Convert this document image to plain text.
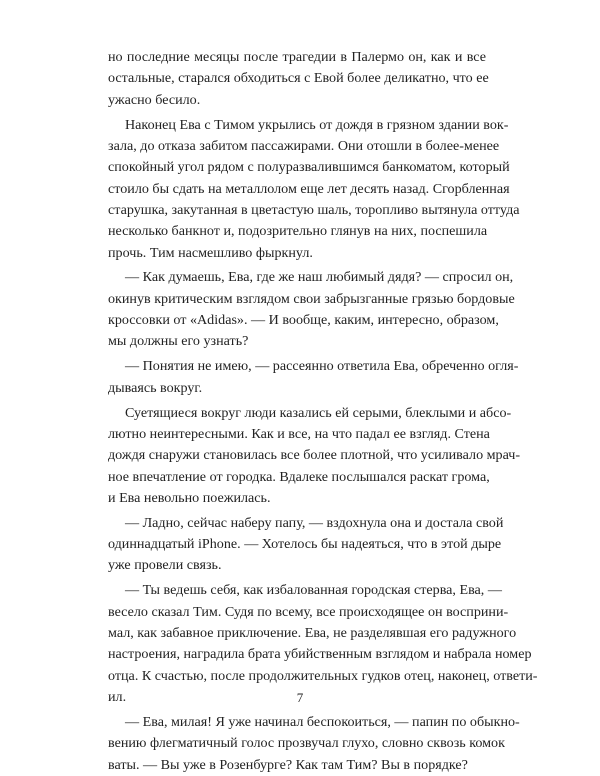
но последние месяцы после трагедии в Палермо он, как и все
остальные, старался обходиться с Евой более деликатно, что ее
ужасно бесило.
Наконец Ева с Тимом укрылись от дождя в грязном здании вок-
зала, до отказа забитом пассажирами. Они отошли в более-менее
спокойный угол рядом с полуразвалившимся банкоматом, который
стоило бы сдать на металлолом еще лет десять назад. Сгорбленная
старушка, закутанная в цветастую шаль, торопливо вытянула оттуда
несколько банкнот и, подозрительно глянув на них, поспешила
прочь. Тим насмешливо фыркнул.
— Как думаешь, Ева, где же наш любимый дядя? — спросил он,
окинув критическим взглядом свои забрызганные грязью бордовые
кроссовки от «Adidas». — И вообще, каким, интересно, образом,
мы должны его узнать?
— Понятия не имею, — рассеянно ответила Ева, обреченно огля-
дываясь вокруг.
Суетящиеся вокруг люди казались ей серыми, блеклыми и абсо-
лютно неинтересными. Как и все, на что падал ее взгляд. Стена
дождя снаружи становилась все более плотной, что усиливало мрач-
ное впечатление от городка. Вдалеке послышался раскат грома,
и Ева невольно поежилась.
— Ладно, сейчас наберу папу, — вздохнула она и достала свой
одиннадцатый iPhone. — Хотелось бы надеяться, что в этой дыре
уже провели связь.
— Ты ведешь себя, как избалованная городская стерва, Ева, —
весело сказал Тим. Судя по всему, все происходящее он восприни-
мал, как забавное приключение. Ева, не разделявшая его радужного
настроения, наградила брата убийственным взглядом и набрала номер
отца. К счастью, после продолжительных гудков отец, наконец, ответи-
ил.
— Ева, милая! Я уже начинал беспокоиться, — папин по обыкно-
вению флегматичный голос прозвучал глухо, словно сквозь комок
ваты. — Вы уже в Розенбурге? Как там Тим? Вы в порядке?
7
